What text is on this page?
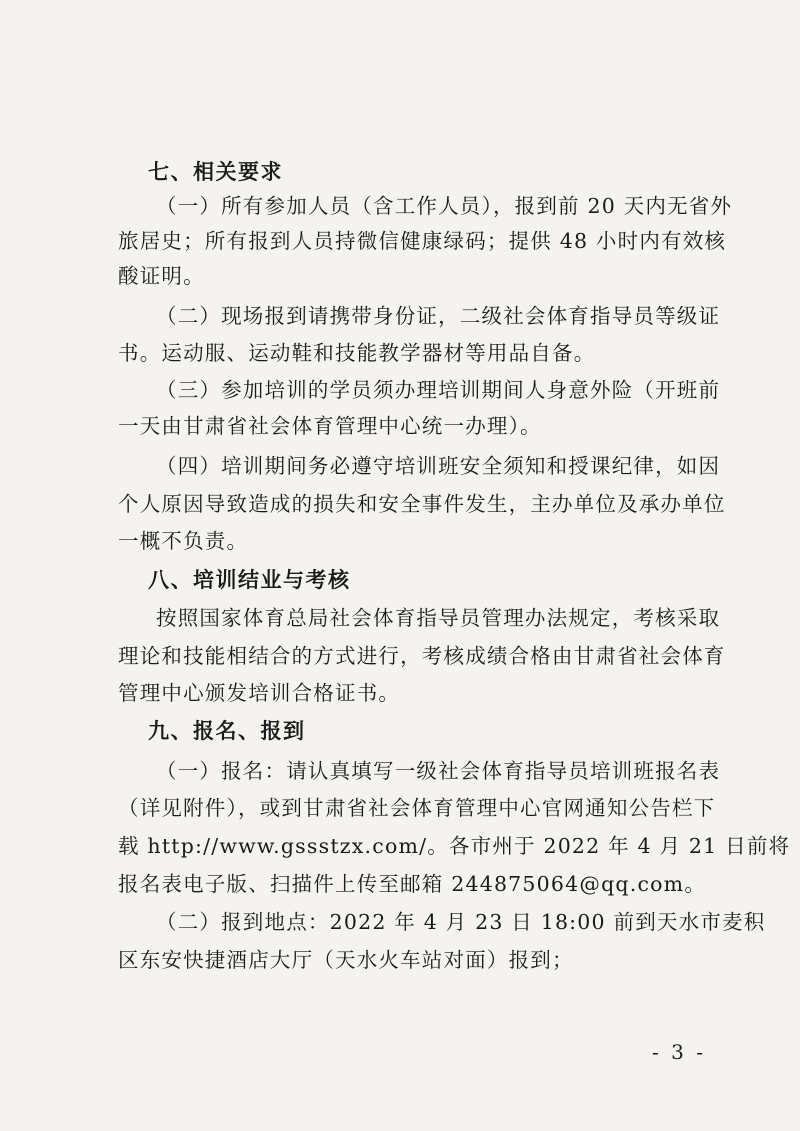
七、相关要求
（一）所有参加人员（含工作人员），报到前 20 天内无省外
旅居史；所有报到人员持微信健康绿码；提供 48 小时内有效核
酸证明。
（二）现场报到请携带身份证，二级社会体育指导员等级证
书。运动服、运动鞋和技能教学器材等用品自备。
（三）参加培训的学员须办理培训期间人身意外险（开班前
一天由甘肃省社会体育管理中心统一办理）。
（四）培训期间务必遵守培训班安全须知和授课纪律，如因
个人原因导致造成的损失和安全事件发生，主办单位及承办单位
一概不负责。
八、培训结业与考核
按照国家体育总局社会体育指导员管理办法规定，考核采取
理论和技能相结合的方式进行，考核成绩合格由甘肃省社会体育
管理中心颁发培训合格证书。
九、报名、报到
（一）报名：请认真填写一级社会体育指导员培训班报名表
（详见附件），或到甘肃省社会体育管理中心官网通知公告栏下
载 http://www.gssstzx.com/。各市州于 2022 年 4 月 21 日前将
报名表电子版、扫描件上传至邮箱 244875064@qq.com。
（二）报到地点：2022 年 4 月 23 日 18:00 前到天水市麦积
区东安快捷酒店大厅（天水火车站对面）报到；
- 3 -
